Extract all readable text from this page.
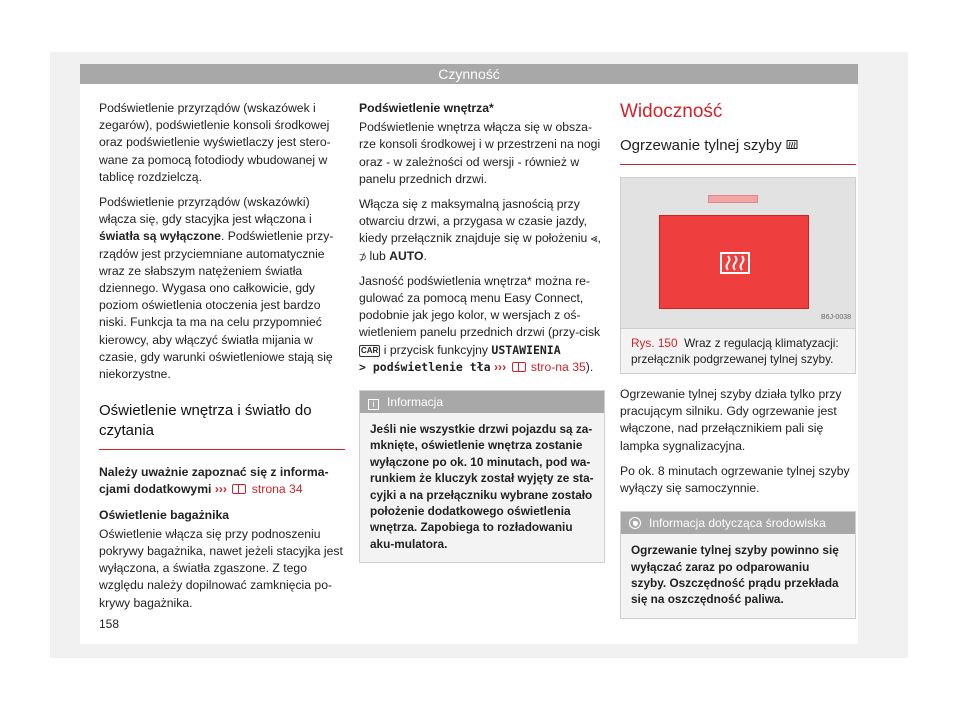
Czynność

Podświetlenie przyrządów (wskazówek i zegarów), podświetlenie konsoli środkowej oraz podświetlenie wyświetlaczy jest stero-wane za pomocą fotodiody wbudowanej w tablicę rozdzielczą.

Podświetlenie przyrządów (wskazówki) włącza się, gdy stacyjka jest włączona i światła są wyłączone. Podświetlenie przy-rządów jest przyciemniane automatycznie wraz ze słabszym natężeniem światła dziennego. Wygasa ono całkowicie, gdy poziom oświetlenia otoczenia jest bardzo niski. Funkcja ta ma na celu przypomnieć kierowcy, aby włączyć światła mijania w czasie, gdy warunki oświetleniowe stają się niekorzystne.

Oświetlenie wnętrza i światło do czytania

Należy uważnie zapoznać się z informa-cjami dodatkowymi ››› strona 34

Oświetlenie bagażnika

Oświetlenie włącza się przy podnoszeniu pokrywy bagażnika, nawet jeżeli stacyjka jest wyłączona, a światła zgaszone. Z tego względu należy dopilnować zamknięcia po-krywy bagażnika.

Podświetlenie wnętrza*

Podświetlenie wnętrza włącza się w obsza-rze konsoli środkowej i w przestrzeni na nogi oraz - w zależności od wersji - również w panelu przednich drzwi.

Włącza się z maksymalną jasnością przy otwarciu drzwi, a przygasa w czasie jazdy, kiedy przełącznik znajduje się w położeniu ⪡, ⊅ lub AUTO.

Jasność podświetlenia wnętrza* można re-gulować za pomocą menu Easy Connect, podobnie jak jego kolor, w wersjach z oś-wietleniem panelu przednich drzwi (przy-cisk CAR i przycisk funkcyjny USTAWIENIA
> podświetlenie tła ›››  stro-na 35).

i Informacja
Jeśli nie wszystkie drzwi pojazdu są za-mknięte, oświetlenie wnętrza zostanie wyłączone po ok. 10 minutach, pod wa-runkiem że kluczyk został wyjęty ze sta-cyjki a na przełączniku wybrane zostało położenie dodatkowego oświetlenia wnętrza. Zapobiega to rozładowaniu aku-mulatora.
Widoczność
Ogrzewanie tylnej szyby
B6J-0038
Rys. 150 Wraz z regulacją klimatyzacji: przełącznik podgrzewanej tylnej szyby.

Ogrzewanie tylnej szyby działa tylko przy pracującym silniku. Gdy ogrzewanie jest włączone, nad przełącznikiem pali się lampka sygnalizacyjna.

Po ok. 8 minutach ogrzewanie tylnej szyby wyłączy się samoczynnie.

Informacja dotycząca środowiska
Ogrzewanie tylnej szyby powinno się wyłączać zaraz po odparowaniu szyby. Oszczędność prądu przekłada się na oszczędność paliwa.
158
